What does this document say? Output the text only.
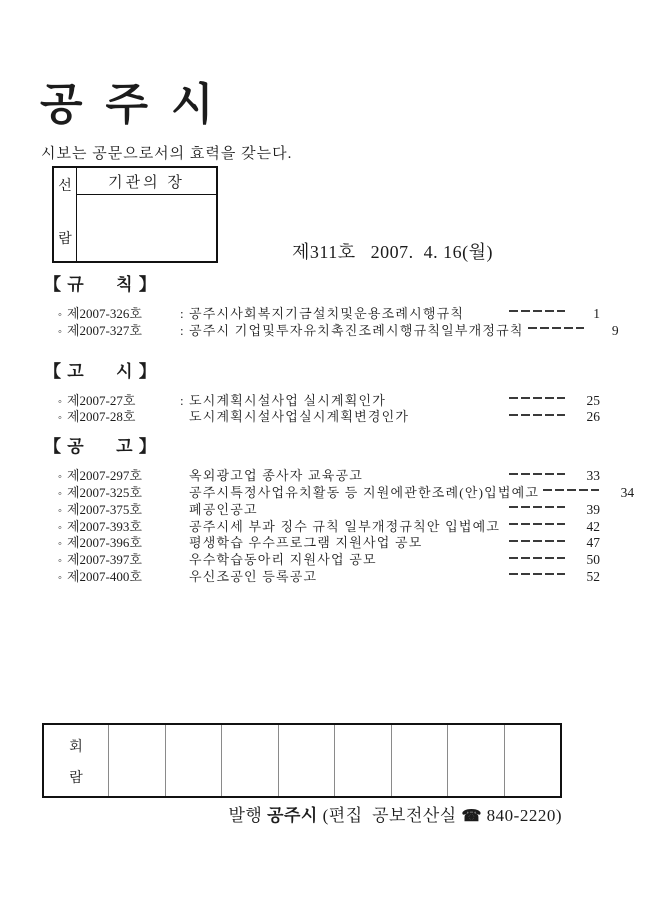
공 주 시

시보는 공문으로서의 효력을 갖는다.

선
람
기관의 장
제311호   2007.  4. 16(월)
【 규      칙 】
◦ 제2007-326호	: 공주시사회복지기금설치및운용조례시행규칙	1
◦ 제2007-327호	: 공주시 기업및투자유치촉진조례시행규칙일부개정규칙	9
【 고      시 】
◦ 제2007-27호	: 도시계획시설사업 실시계획인가	25
◦ 제2007-28호	도시계획시설사업실시계획변경인가	26
【 공      고 】
◦ 제2007-297호	옥외광고업 종사자 교육공고	33
◦ 제2007-325호	공주시특정사업유치활동 등 지원에관한조례(안)입법예고	34
◦ 제2007-375호	폐공인공고	39
◦ 제2007-393호	공주시세 부과 징수 규칙 일부개정규칙안 입법예고	42
◦ 제2007-396호	평생학습 우수프로그램 지원사업 공모	47
◦ 제2007-397호	우수학습동아리 지원사업 공모	50
◦ 제2007-400호	우신조공인 등록공고	52
회
람
발행 공주시 (편집  공보전산실 ☎ 840-2220)
